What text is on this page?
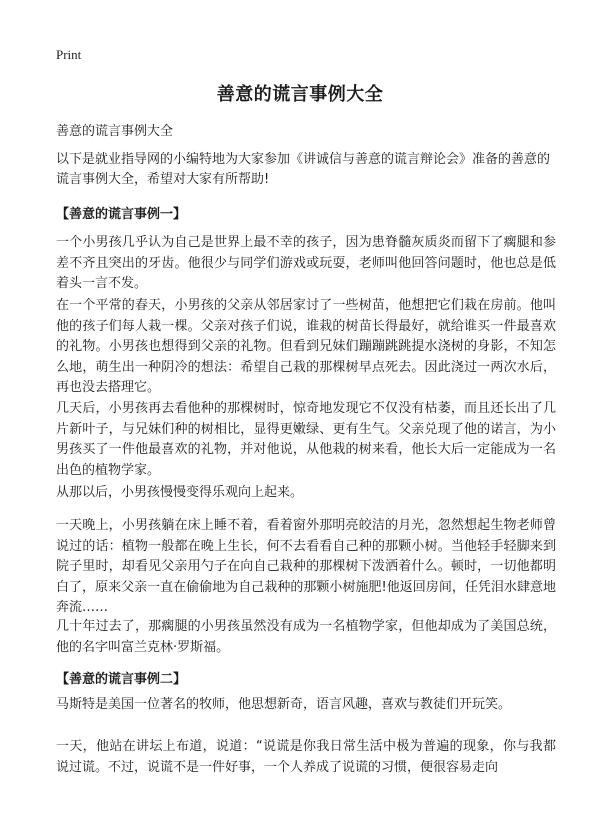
Print
善意的谎言事例大全
善意的谎言事例大全
以下是就业指导网的小编特地为大家参加《讲诚信与善意的谎言辩论会》准备的善意的谎言事例大全，希望对大家有所帮助!
【善意的谎言事例一】
一个小男孩几乎认为自己是世界上最不幸的孩子，因为患脊髓灰质炎而留下了瘸腿和参差不齐且突出的牙齿。他很少与同学们游戏或玩耍，老师叫他回答问题时，他也总是低着头一言不发。
在一个平常的春天，小男孩的父亲从邻居家讨了一些树苗，他想把它们栽在房前。他叫他的孩子们每人栽一棵。父亲对孩子们说，谁栽的树苗长得最好，就给谁买一件最喜欢的礼物。小男孩也想得到父亲的礼物。但看到兄妹们蹦蹦跳跳提水浇树的身影，不知怎么地，萌生出一种阴冷的想法：希望自己栽的那棵树早点死去。因此浇过一两次水后，再也没去搭理它。
几天后，小男孩再去看他种的那棵树时，惊奇地发现它不仅没有枯萎，而且还长出了几片新叶子，与兄妹们种的树相比，显得更嫩绿、更有生气。父亲兑现了他的诺言，为小男孩买了一件他最喜欢的礼物，并对他说，从他栽的树来看，他长大后一定能成为一名出色的植物学家。
从那以后，小男孩慢慢变得乐观向上起来。
一天晚上，小男孩躺在床上睡不着，看着窗外那明亮皎洁的月光，忽然想起生物老师曾说过的话：植物一般都在晚上生长，何不去看看自己种的那颗小树。当他轻手轻脚来到院子里时，却看见父亲用勺子在向自己栽种的那棵树下泼洒着什么。顿时，一切他都明白了，原来父亲一直在偷偷地为自己栽种的那颗小树施肥!他返回房间，任凭泪水肆意地奔流……
几十年过去了，那瘸腿的小男孩虽然没有成为一名植物学家，但他却成为了美国总统，他的名字叫富兰克林·罗斯福。
【善意的谎言事例二】
马斯特是美国一位著名的牧师，他思想新奇，语言风趣，喜欢与教徒们开玩笑。
一天，他站在讲坛上布道，说道：“说谎是你我日常生活中极为普遍的现象，你与我都说过谎。不过，说谎不是一件好事，一个人养成了说谎的习惯，便很容易走向
